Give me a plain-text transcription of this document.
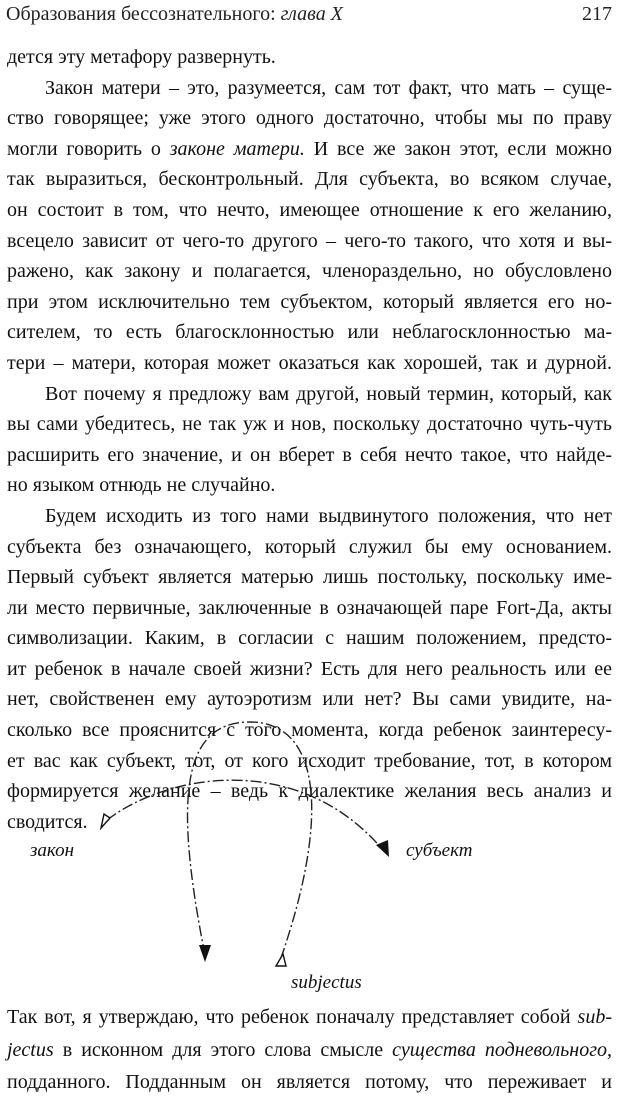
Образования бессознательного: глава X	217
дется эту метафору развернуть.
Закон матери – это, разумеется, сам тот факт, что мать – суще-
ство говорящее; уже этого одного достаточно, чтобы мы по праву
могли говорить о законе матери. И все же закон этот, если можно
так выразиться, бесконтрольный. Для субъекта, во всяком случае,
он состоит в том, что нечто, имеющее отношение к его желанию,
всецело зависит от чего-то другого – чего-то такого, что хотя и вы-
ражено, как закону и полагается, членораздельно, но обусловлено
при этом исключительно тем субъектом, который является его но-
сителем, то есть благосклонностью или неблагосклонностью ма-
тери – матери, которая может оказаться как хорошей, так и дурной.
Вот почему я предложу вам другой, новый термин, который, как
вы сами убедитесь, не так уж и нов, поскольку достаточно чуть-чуть
расширить его значение, и он вберет в себя нечто такое, что найде-
но языком отнюдь не случайно.
Будем исходить из того нами выдвинутого положения, что нет
субъекта без означающего, который служил бы ему основанием.
Первый субъект является матерью лишь постольку, поскольку име-
ли место первичные, заключенные в означающей паре Fort-Да, акты
символизации. Каким, в согласии с нашим положением, предсто-
ит ребенок в начале своей жизни? Есть для него реальность или ее
нет, свойственен ему аутоэротизм или нет? Вы сами увидите, на-
сколько все прояснится с того момента, когда ребенок заинтересу-
ет вас как субъект, тот, от кого исходит требование, тот, в котором
формируется желание – ведь к диалектике желания весь анализ и
сводится.
закон	субъект
subjectus
Так вот, я утверждаю, что ребенок поначалу представляет собой sub-
jectus в исконном для этого слова смысле существа подневольного,
подданного. Подданным он является потому, что переживает и
